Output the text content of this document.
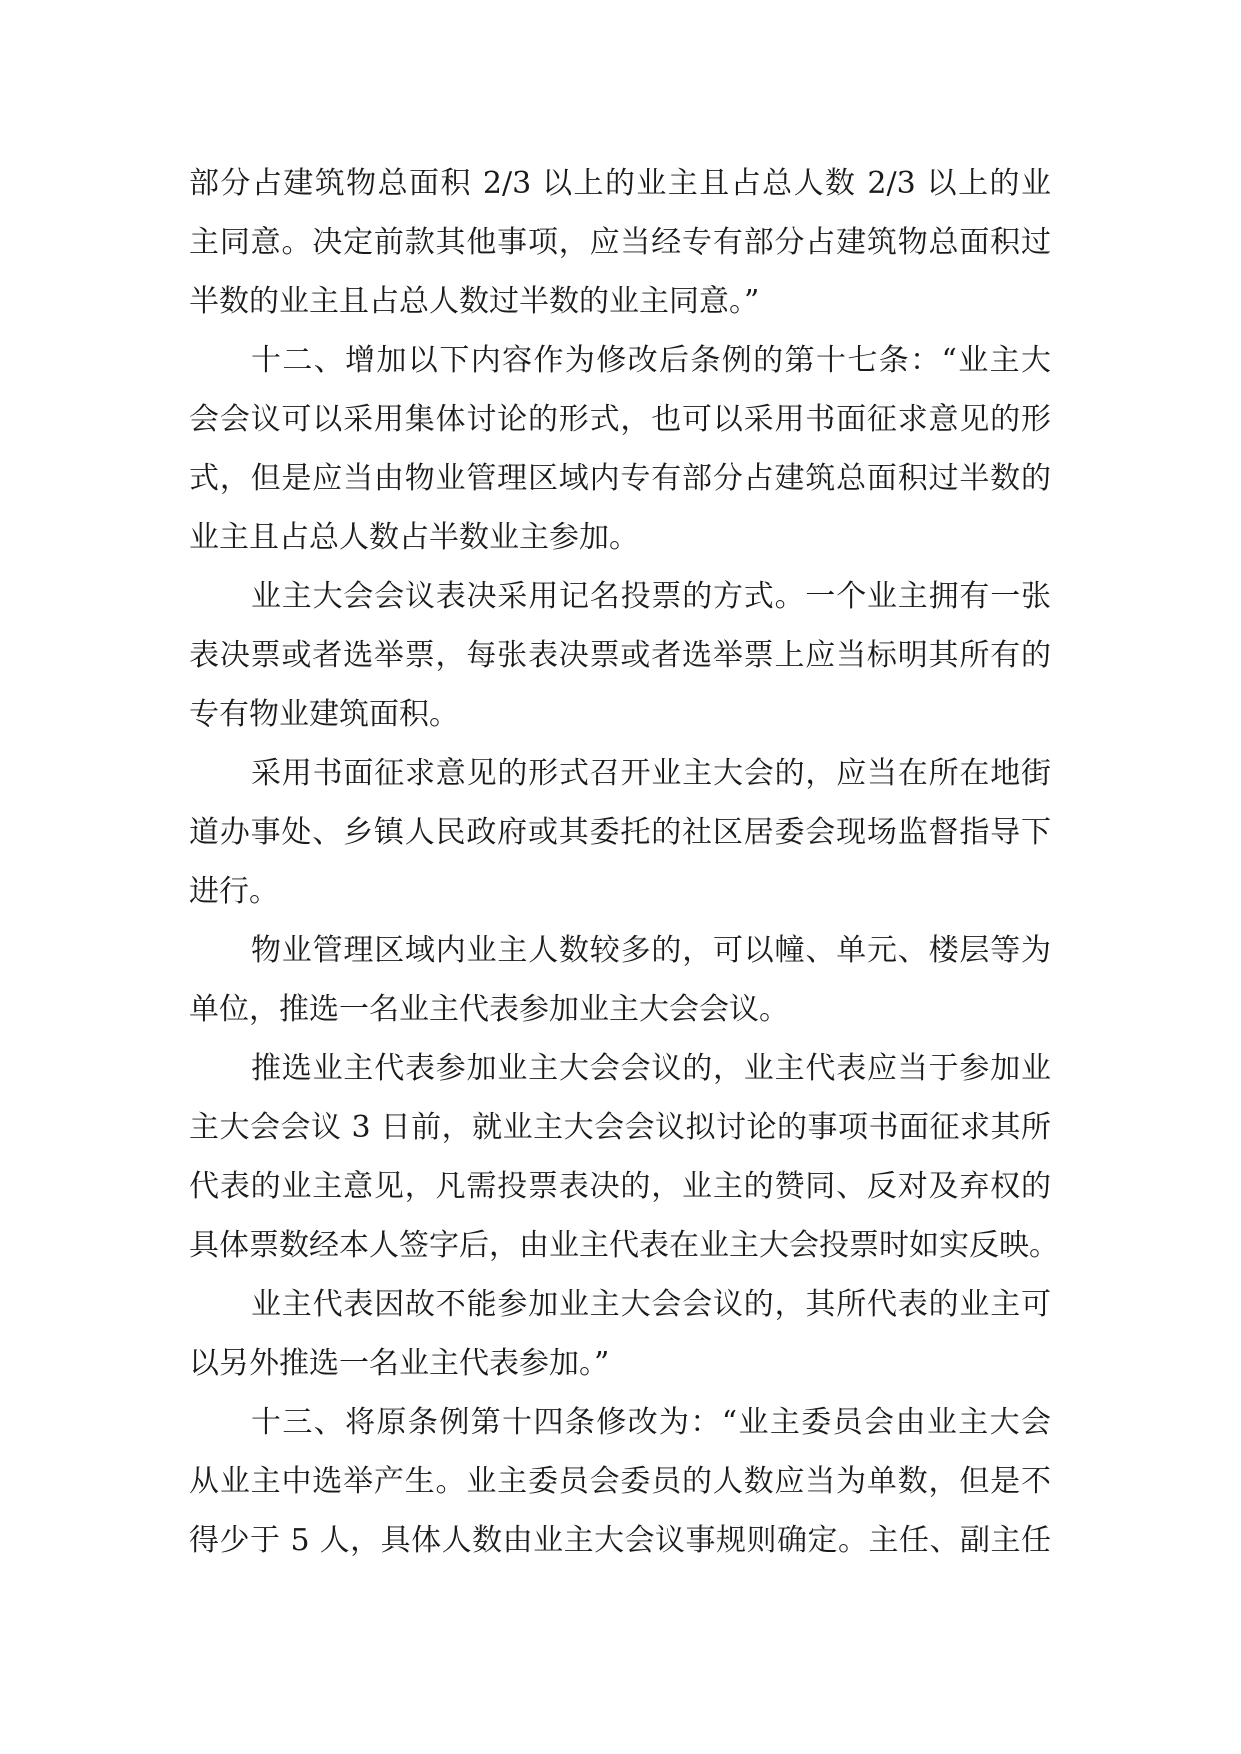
部分占建筑物总面积 2/3 以上的业主且占总人数 2/3 以上的业
主同意。决定前款其他事项，应当经专有部分占建筑物总面积过
半数的业主且占总人数过半数的业主同意。”
十二、增加以下内容作为修改后条例的第十七条：“业主大
会会议可以采用集体讨论的形式，也可以采用书面征求意见的形
式，但是应当由物业管理区域内专有部分占建筑总面积过半数的
业主且占总人数占半数业主参加。
业主大会会议表决采用记名投票的方式。一个业主拥有一张
表决票或者选举票，每张表决票或者选举票上应当标明其所有的
专有物业建筑面积。
采用书面征求意见的形式召开业主大会的，应当在所在地街
道办事处、乡镇人民政府或其委托的社区居委会现场监督指导下
进行。
物业管理区域内业主人数较多的，可以幢、单元、楼层等为
单位，推选一名业主代表参加业主大会会议。
推选业主代表参加业主大会会议的，业主代表应当于参加业
主大会会议 3 日前，就业主大会会议拟讨论的事项书面征求其所
代表的业主意见，凡需投票表决的，业主的赞同、反对及弃权的
具体票数经本人签字后，由业主代表在业主大会投票时如实反映。
业主代表因故不能参加业主大会会议的，其所代表的业主可
以另外推选一名业主代表参加。”
十三、将原条例第十四条修改为：“业主委员会由业主大会
从业主中选举产生。业主委员会委员的人数应当为单数，但是不
得少于 5 人，具体人数由业主大会议事规则确定。主任、副主任
